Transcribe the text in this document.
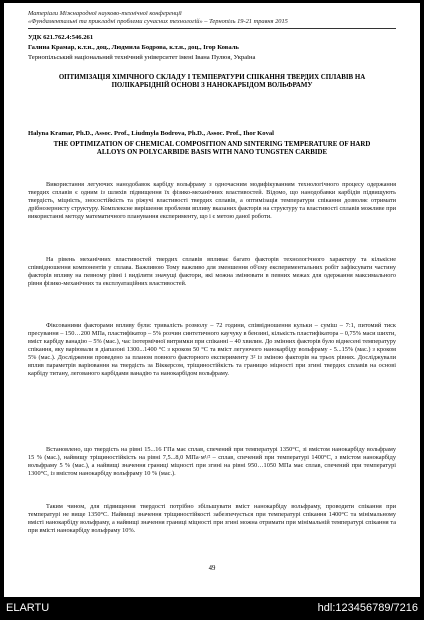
Матеріали Міжнародної науково-технічної конференції
«Фундаментальні та прикладні проблеми сучасних технологій» – Тернопіль 19-21 травня 2015
УДК 621.762.4:546.261
Галина Крамар, к.т.н., доц., Людмила Бодрова, к.т.н., доц., Ігор Коваль
Тернопільський національний технічний університет імені Івана Пулюя, Україна
ОПТИМІЗАЦІЯ ХІМІЧНОГО СКЛАДУ І ТЕМПЕРАТУРИ СПІКАННЯ ТВЕРДИХ СПЛАВІВ НА ПОЛІКАРБІДНІЙ ОСНОВІ З НАНОКАРБІДОМ ВОЛЬФРАМУ
Halyna Kramar, Ph.D., Assoc. Prof., Liudmyla Bodrova, Ph.D., Assoc. Prof., Ihor Koval
THE OPTIMIZATION OF CHEMICAL COMPOSITION AND SINTERING TEMPERATURE OF HARD ALLOYS ON POLYCARBIDE BASIS WITH NANO TUNGSTEN CARBIDE

Використання легуючих нанодобавок карбіду вольфраму з одночасним модифікуванням технологічного процесу одержання твердих сплавів є одним із шляхів підвищення їх фізико-механічних властивостей. Відомо, що нанодобавки карбідів підвищують твердість, міцність, зносостійкість та ріжучі властивості твердих сплавів, а оптимізація температури спікання дозволяє отримати дрібнозернисту структуру. Комплексне вирішення проблеми впливу вказаних факторів на структуру та властивості сплавів можливе при використанні методу математичного планування експерименту, що і є метою даної роботи.

На рівень механічних властивостей твердих сплавів впливає багато факторів технологічного характеру та кількісне співвідношення компонентів у сплава. Важливою Тому важливо для зменшення об'єму експериментальних робіт зафіксувати частину факторів впливу на певному рівні і виділити значущі фактори, які можна змінювати в певних межах для одержання максимального рівня фізико-механічних та експлуатаційних властивостей.

Фіксованими факторами впливу були: тривалість розмолу – 72 години, співвідношення кульки – суміш – 7:1, питомий тиск пресування – 150…200 МПа, пластифікатор – 5% розчин синтетичного каучуку в бензині, кількість пластифікатора – 0,75% маси шихти, вміст карбіду ванадію – 5% (мас.), час ізотермічної витримки при спіканні – 40 хвилин. До змінних факторів було віднесені температуру спікання, яку варіювали в діапазоні 1300...1400 °C з кроком 50 °C та вміст легуючого нанокарбіду вольфраму - 5...15% (мас.) з кроком 5% (мас.). Дослідження проведено за планом повного факторного експерименту 3² із зміною факторів на трьох рівнях. Досліджували вплив параметрів варіювання на твердість за Віккерсом, тріщиностійкість та границю міцності при згині твердих сплавів на основі карбіду титану, легованого карбідами ванадію та нанокарбідом вольфраму.

Встановлено, що твердість на рівні 15...16 ГПа має сплав, спечений при температурі 1350°C, зі вмістом нанокарбіду вольфраму 15 % (мас.), найвищу тріщиностійкість на рівні 7,5...8,0 МПа·м¹/² – сплав, спечений при температурі 1400°C, з вмістом нанокарбіду вольфраму 5 % (мас.), а найвищі значення границі міцності при згині на рівні 950…1050 МПа має сплав, спечений при температурі 1300°C, із вмістом нанокарбіду вольфраму 10 % (мас.).

Таким чином, для підвищення твердості потрібно збільшувати вміст нанокарбіду вольфраму, проводити спікання при температурі не вище 1350°C. Найвищі значення тріщиностійкості забезпечується при температурі спікання 1400°C та мінімальному вмісті нанокарбіду вольфраму, а найвищі значення границі міцності при згині можна отримати при мінімальній температурі спікання та при вмісті нанокарбіду вольфраму 10%.

49
ELARTU	hdl:123456789/7216
